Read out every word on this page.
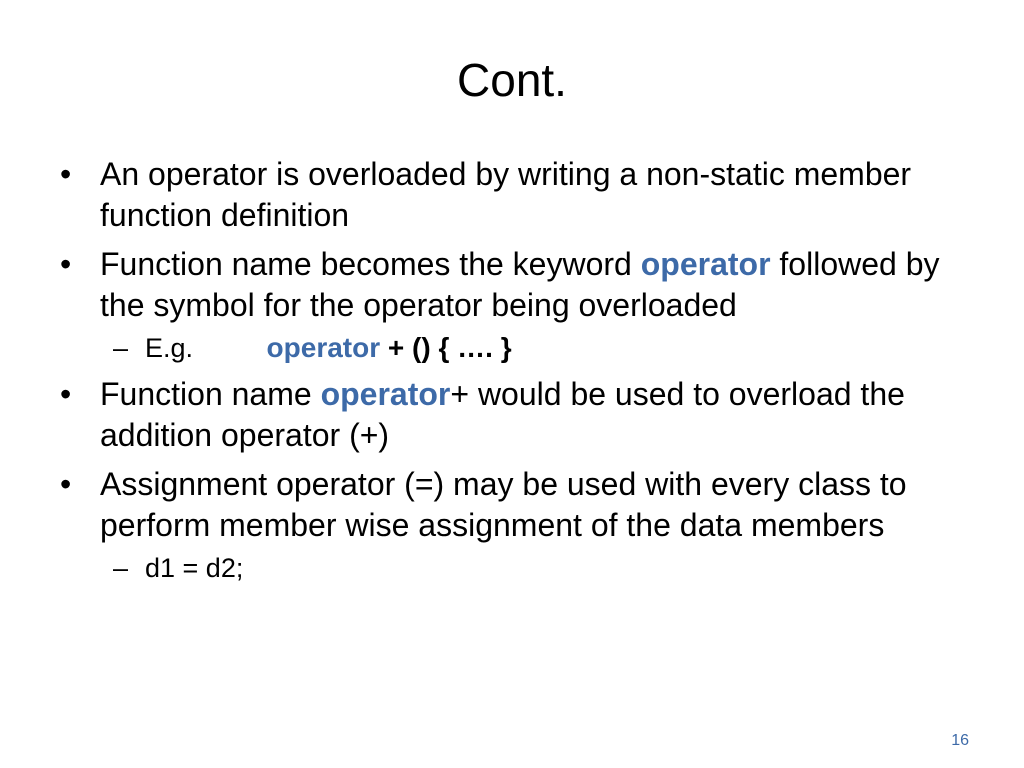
Cont.
• An operator is overloaded by writing a non-static member function definition
• Function name becomes the keyword operator followed by the symbol for the operator being overloaded
– E.g.	operator + () { …. }
• Function name operator+ would be used to overload the addition operator (+)
• Assignment operator (=) may be used with every class to perform member wise assignment of the data members
– d1 = d2;
16
